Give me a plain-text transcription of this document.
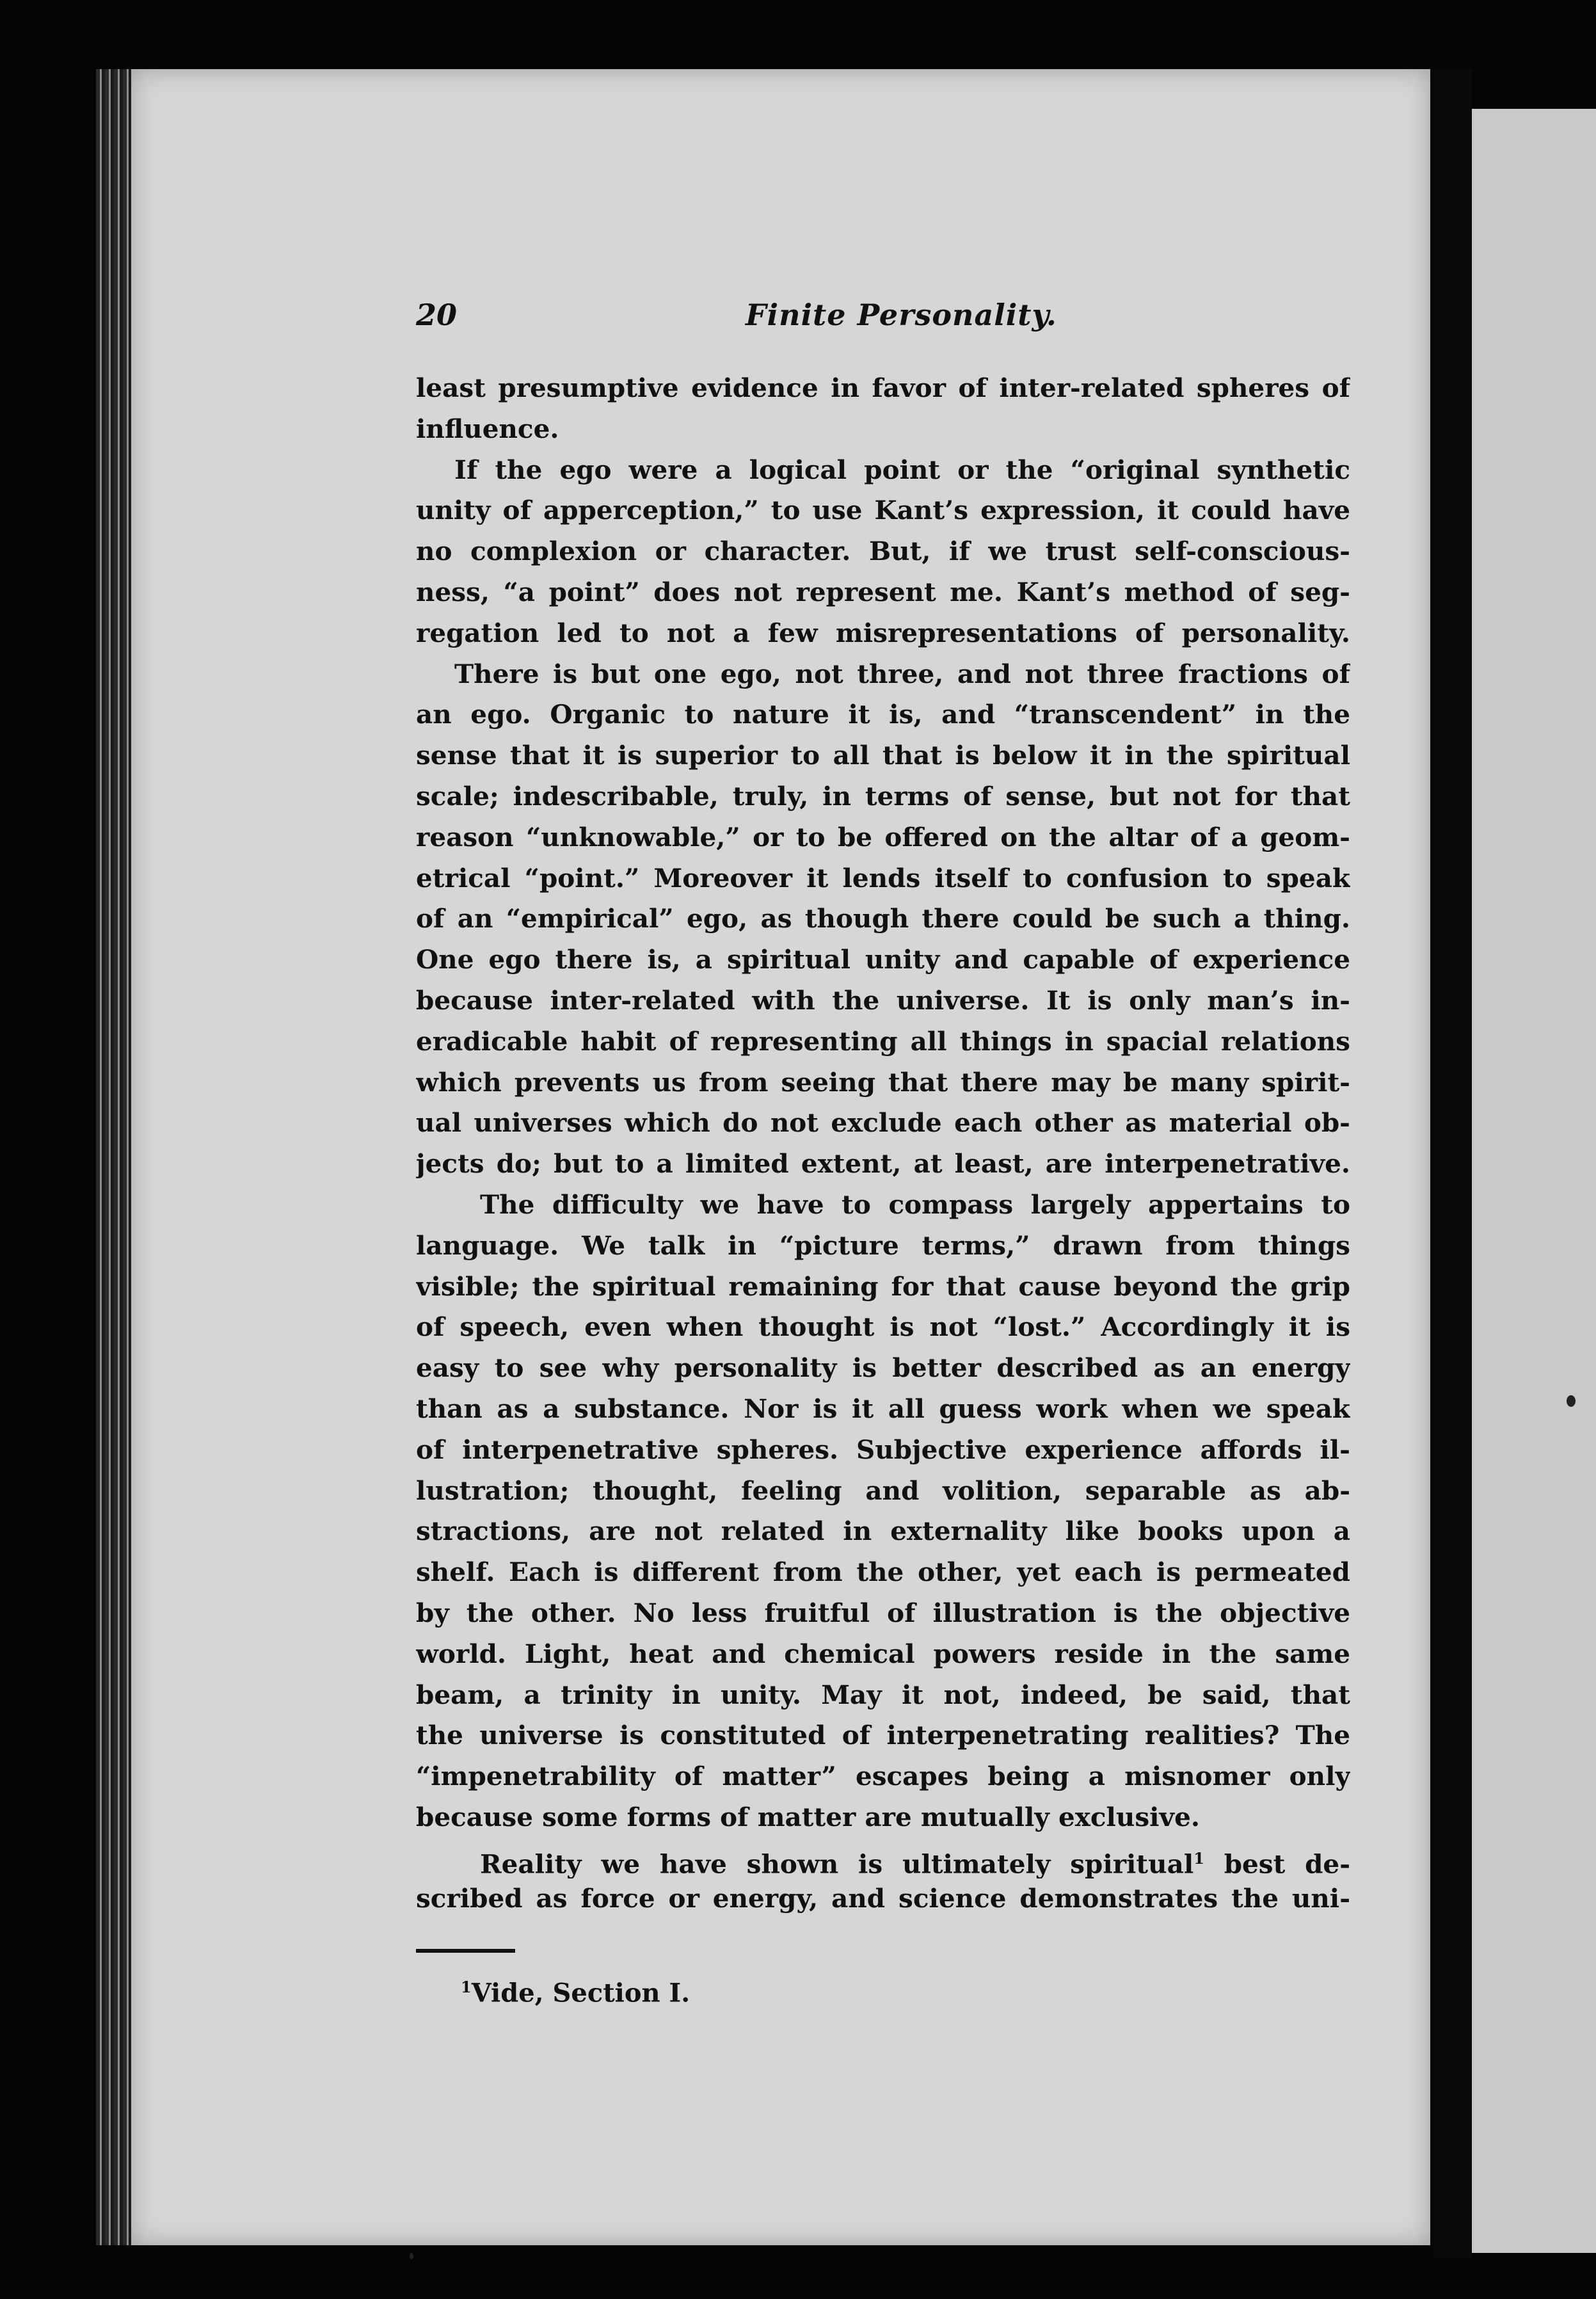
20	Finite Personality.
least presumptive evidence in favor of inter-related spheres of
influence.
If the ego were a logical point or the “original synthetic
unity of apperception,” to use Kant’s expression, it could have
no complexion or character. But, if we trust self-conscious-
ness, “a point” does not represent me. Kant’s method of seg-
regation led to not a few misrepresentations of personality.
There is but one ego, not three, and not three fractions of
an ego. Organic to nature it is, and “transcendent” in the
sense that it is superior to all that is below it in the spiritual
scale; indescribable, truly, in terms of sense, but not for that
reason “unknowable,” or to be offered on the altar of a geom-
etrical “point.” Moreover it lends itself to confusion to speak
of an “empirical” ego, as though there could be such a thing.
One ego there is, a spiritual unity and capable of experience
because inter-related with the universe. It is only man’s in-
eradicable habit of representing all things in spacial relations
which prevents us from seeing that there may be many spirit-
ual universes which do not exclude each other as material ob-
jects do; but to a limited extent, at least, are interpenetrative.
The difficulty we have to compass largely appertains to
language. We talk in “picture terms,” drawn from things
visible; the spiritual remaining for that cause beyond the grip
of speech, even when thought is not “lost.” Accordingly it is
easy to see why personality is better described as an energy
than as a substance. Nor is it all guess work when we speak
of interpenetrative spheres. Subjective experience affords il-
lustration; thought, feeling and volition, separable as ab-
stractions, are not related in externality like books upon a
shelf. Each is different from the other, yet each is permeated
by the other. No less fruitful of illustration is the objective
world. Light, heat and chemical powers reside in the same
beam, a trinity in unity. May it not, indeed, be said, that
the universe is constituted of interpenetrating realities? The
“impenetrability of matter” escapes being a misnomer only
because some forms of matter are mutually exclusive.
Reality we have shown is ultimately spiritual$^1$ best de-
scribed as force or energy, and science demonstrates the uni-
$^1$Vide, Section I.
